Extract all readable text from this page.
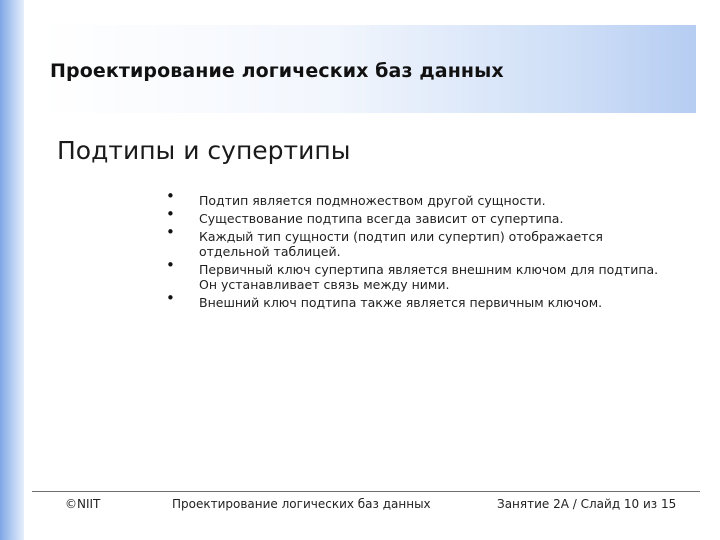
Проектирование логических баз данных
Подтипы и супертипы
• Подтип является подмножеством другой сущности.
• Существование подтипа всегда зависит от супертипа.
• Каждый тип сущности (подтип или супертип) отображается отдельной таблицей.
• Первичный ключ супертипа является внешним ключом для подтипа. Он устанавливает связь между ними.
• Внешний ключ подтипа также является первичным ключом.
©NIIT	Проектирование логических баз данных	Занятие 2A / Слайд 10 из 15
